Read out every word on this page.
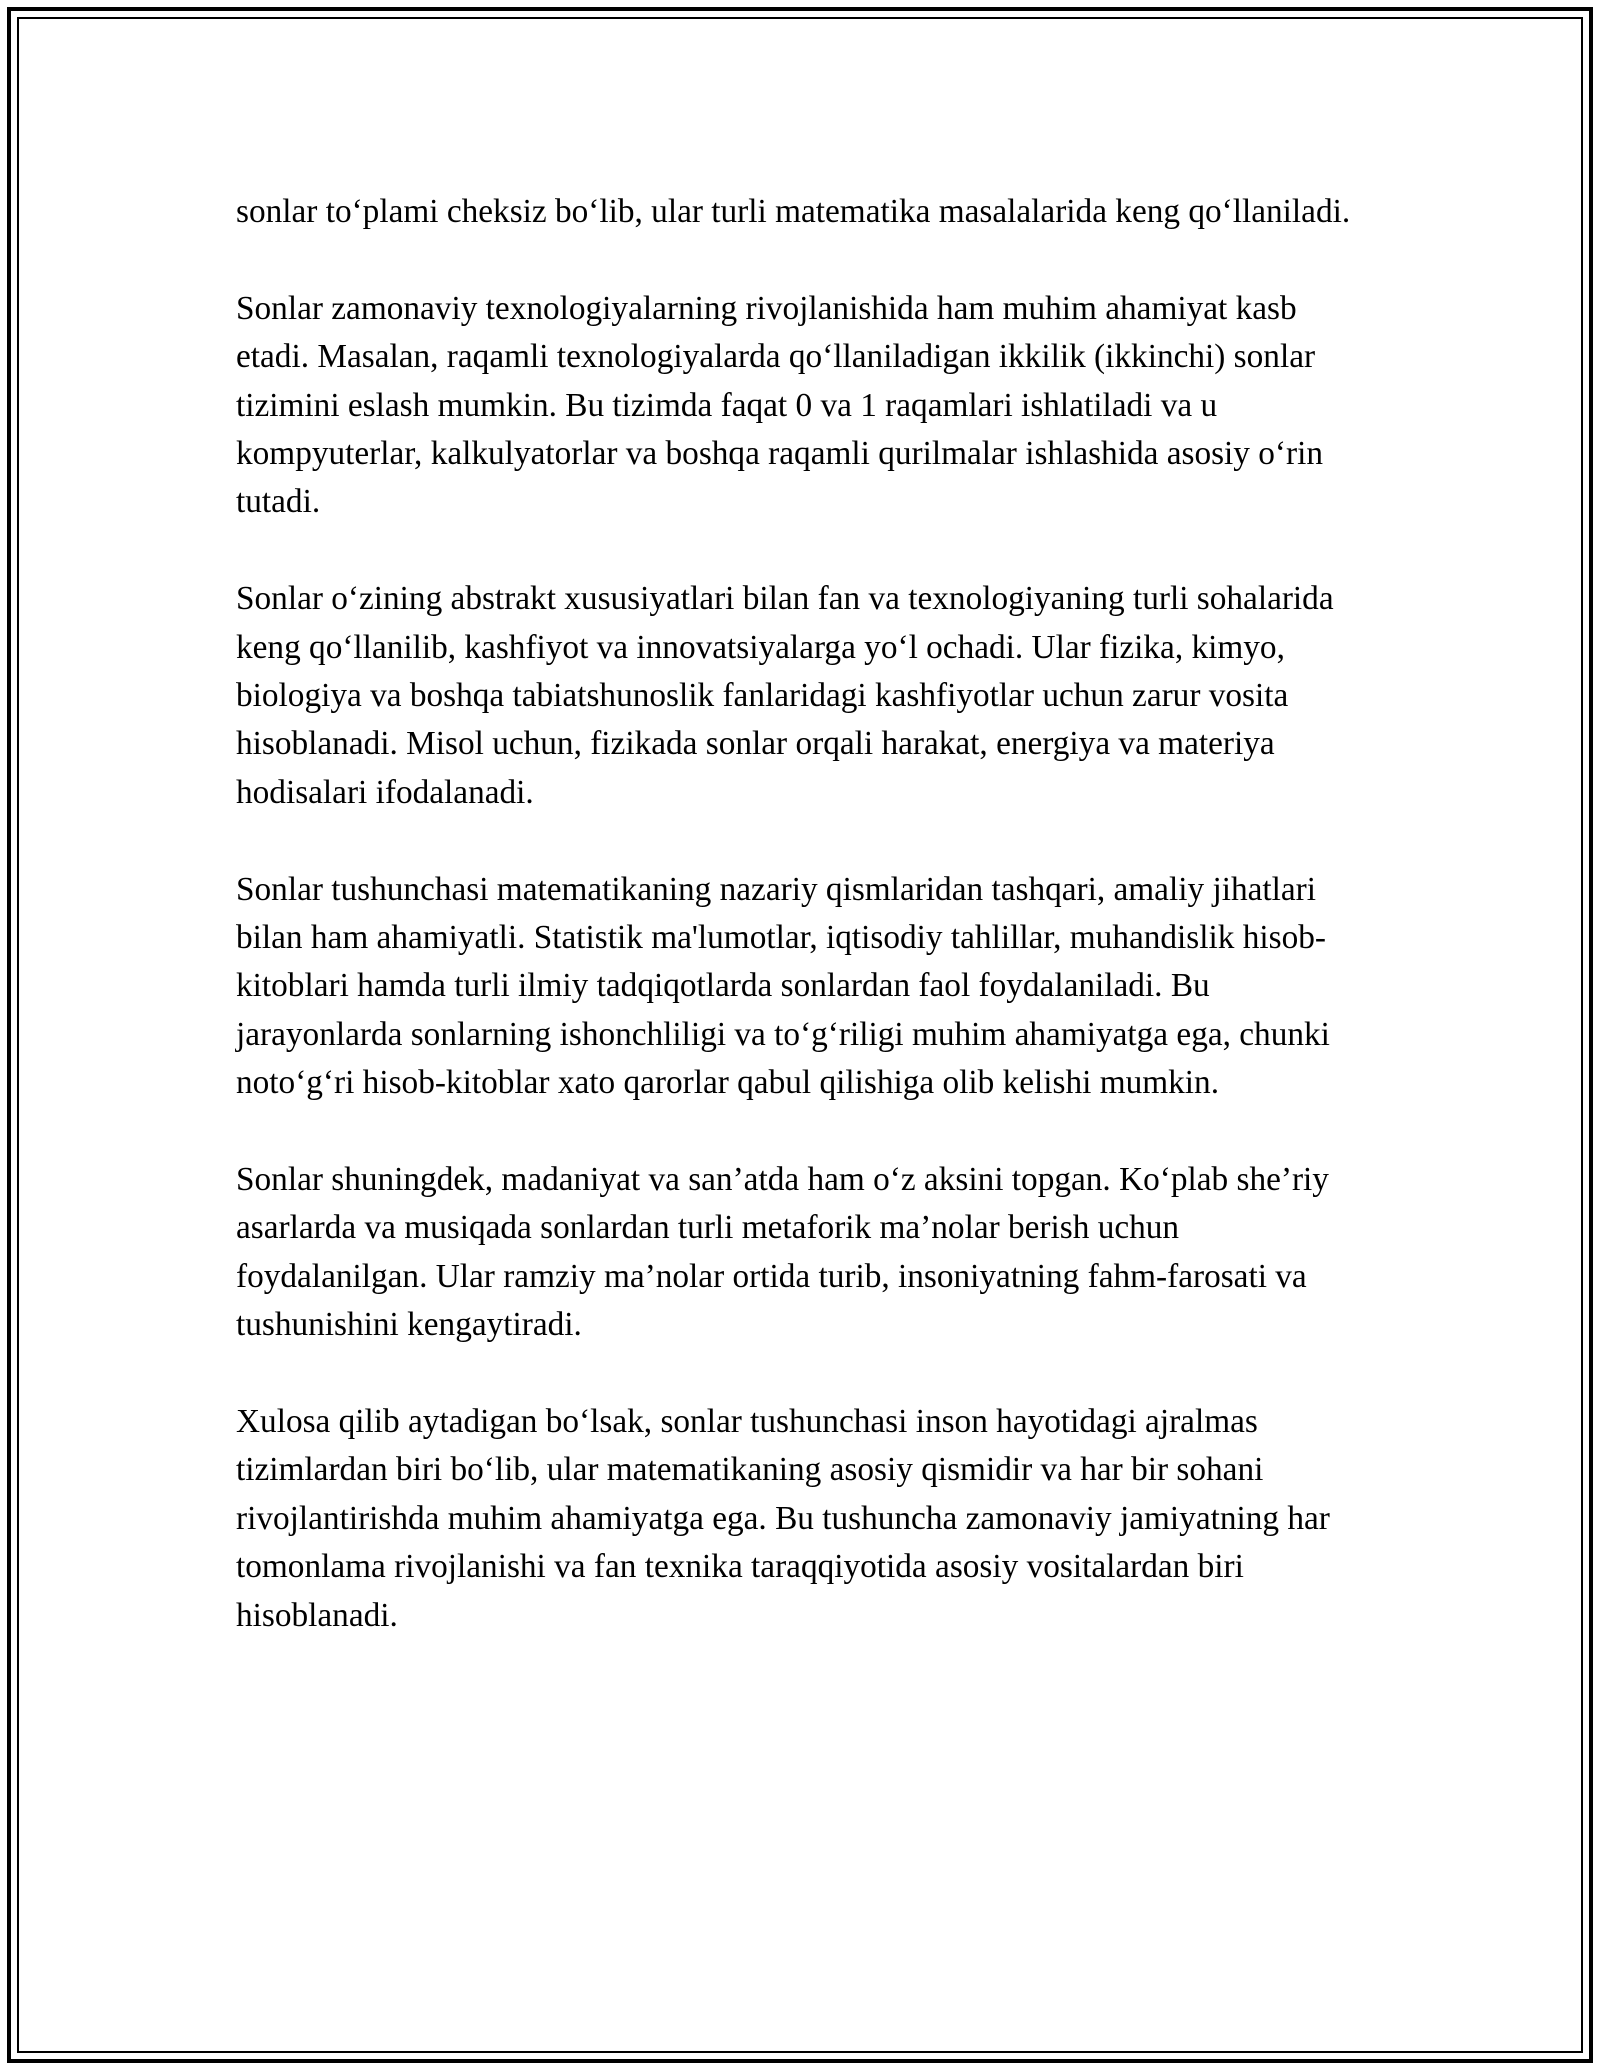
sonlar to‘plami cheksiz bo‘lib, ular turli matematika masalalarida keng qo‘llaniladi.

Sonlar zamonaviy texnologiyalarning rivojlanishida ham muhim ahamiyat kasb etadi. Masalan, raqamli texnologiyalarda qo‘llaniladigan ikkilik (ikkinchi) sonlar tizimini eslash mumkin. Bu tizimda faqat 0 va 1 raqamlari ishlatiladi va u kompyuterlar, kalkulyatorlar va boshqa raqamli qurilmalar ishlashida asosiy o‘rin tutadi.

Sonlar o‘zining abstrakt xususiyatlari bilan fan va texnologiyaning turli sohalarida keng qo‘llanilib, kashfiyot va innovatsiyalarga yo‘l ochadi. Ular fizika, kimyo, biologiya va boshqa tabiatshunoslik fanlaridagi kashfiyotlar uchun zarur vosita hisoblanadi. Misol uchun, fizikada sonlar orqali harakat, energiya va materiya hodisalari ifodalanadi.

Sonlar tushunchasi matematikaning nazariy qismlaridan tashqari, amaliy jihatlari bilan ham ahamiyatli. Statistik ma'lumotlar, iqtisodiy tahlillar, muhandislik hisob-kitoblari hamda turli ilmiy tadqiqotlarda sonlardan faol foydalaniladi. Bu jarayonlarda sonlarning ishonchliligi va to‘g‘riligi muhim ahamiyatga ega, chunki noto‘g‘ri hisob-kitoblar xato qarorlar qabul qilishiga olib kelishi mumkin.

Sonlar shuningdek, madaniyat va san’atda ham o‘z aksini topgan. Ko‘plab she’riy asarlarda va musiqada sonlardan turli metaforik ma’nolar berish uchun foydalanilgan. Ular ramziy ma’nolar ortida turib, insoniyatning fahm-farosati va tushunishini kengaytiradi.

Xulosa qilib aytadigan bo‘lsak, sonlar tushunchasi inson hayotidagi ajralmas tizimlardan biri bo‘lib, ular matematikaning asosiy qismidir va har bir sohani rivojlantirishda muhim ahamiyatga ega. Bu tushuncha zamonaviy jamiyatning har tomonlama rivojlanishi va fan texnika taraqqiyotida asosiy vositalardan biri hisoblanadi.
